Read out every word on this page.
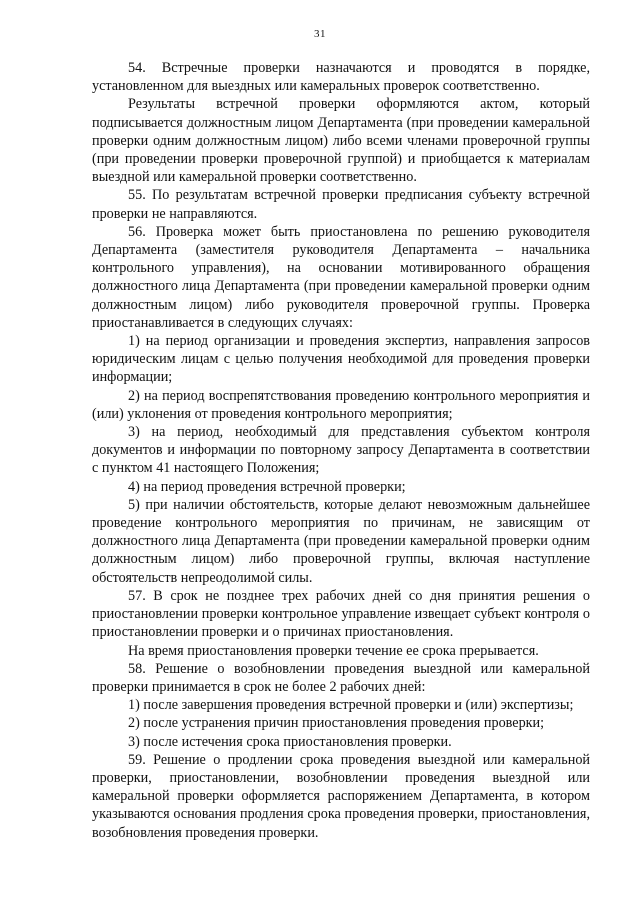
31

54. Встречные проверки назначаются и проводятся в порядке, установленном для выездных или камеральных проверок соответственно.

Результаты встречной проверки оформляются актом, который подписывается должностным лицом Департамента (при проведении камеральной проверки одним должностным лицом) либо всеми членами проверочной группы (при проведении проверки проверочной группой) и приобщается к материалам выездной или камеральной проверки соответственно.

55. По результатам встречной проверки предписания субъекту встречной проверки не направляются.

56. Проверка может быть приостановлена по решению руководителя Департамента (заместителя руководителя Департамента – начальника контрольного управления), на основании мотивированного обращения должностного лица Департамента (при проведении камеральной проверки одним должностным лицом) либо руководителя проверочной группы. Проверка приостанавливается в следующих случаях:

1) на период организации и проведения экспертиз, направления запросов юридическим лицам с целью получения необходимой для проведения проверки информации;

2) на период воспрепятствования проведению контрольного мероприятия и (или) уклонения от проведения контрольного мероприятия;

3) на период, необходимый для представления субъектом контроля документов и информации по повторному запросу Департамента в соответствии с пунктом 41 настоящего Положения;

4) на период проведения встречной проверки;

5) при наличии обстоятельств, которые делают невозможным дальнейшее проведение контрольного мероприятия по причинам, не зависящим от должностного лица Департамента (при проведении камеральной проверки одним должностным лицом) либо проверочной группы, включая наступление обстоятельств непреодолимой силы.

57. В срок не позднее трех рабочих дней со дня принятия решения о приостановлении проверки контрольное управление извещает субъект контроля о приостановлении проверки и о причинах приостановления.

На время приостановления проверки течение ее срока прерывается.

58. Решение о возобновлении проведения выездной или камеральной проверки принимается в срок не более 2 рабочих дней:

1) после завершения проведения встречной проверки и (или) экспертизы;

2) после устранения причин приостановления проведения проверки;

3) после истечения срока приостановления проверки.

59. Решение о продлении срока проведения выездной или камеральной проверки, приостановлении, возобновлении проведения выездной или камеральной проверки оформляется распоряжением Департамента, в котором указываются основания продления срока проведения проверки, приостановления, возобновления проведения проверки.
